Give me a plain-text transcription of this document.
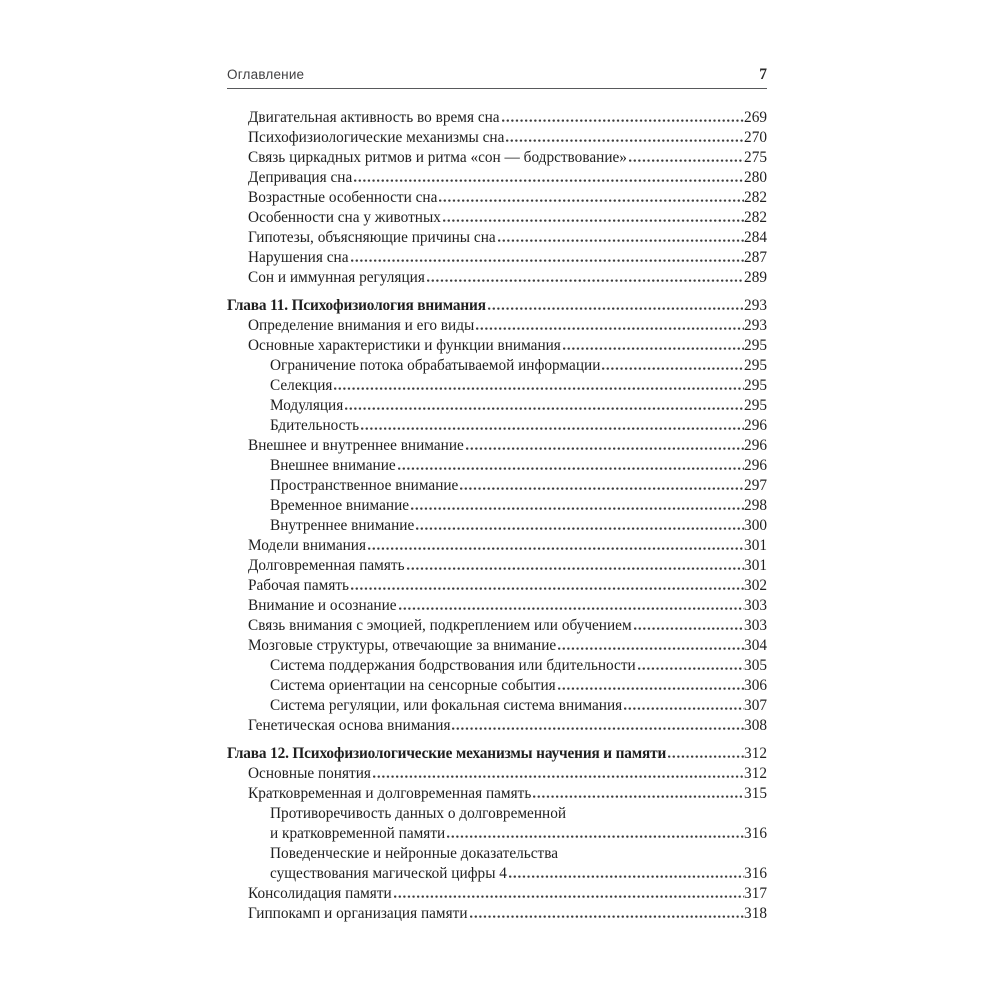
Оглавление	7
Двигательная активность во время сна	269
Психофизиологические механизмы сна	270
Связь циркадных ритмов и ритма «сон — бодрствование»	275
Депривация сна	280
Возрастные особенности сна	282
Особенности сна у животных	282
Гипотезы, объясняющие причины сна	284
Нарушения сна	287
Сон и иммунная регуляция	289
Глава 11. Психофизиология внимания	293
Определение внимания и его виды	293
Основные характеристики и функции внимания	295
Ограничение потока обрабатываемой информации	295
Селекция	295
Модуляция	295
Бдительность	296
Внешнее и внутреннее внимание	296
Внешнее внимание	296
Пространственное внимание	297
Временное внимание	298
Внутреннее внимание	300
Модели внимания	301
Долговременная память	301
Рабочая память	302
Внимание и осознание	303
Связь внимания с эмоцией, подкреплением или обучением	303
Мозговые структуры, отвечающие за внимание	304
Система поддержания бодрствования или бдительности	305
Система ориентации на сенсорные события	306
Система регуляции, или фокальная система внимания	307
Генетическая основа внимания	308
Глава 12. Психофизиологические механизмы научения и памяти	312
Основные понятия	312
Кратковременная и долговременная память	315
Противоречивость данных о долговременной
и кратковременной памяти	316
Поведенческие и нейронные доказательства
существования магической цифры 4	316
Консолидация памяти	317
Гиппокамп и организация памяти	318
